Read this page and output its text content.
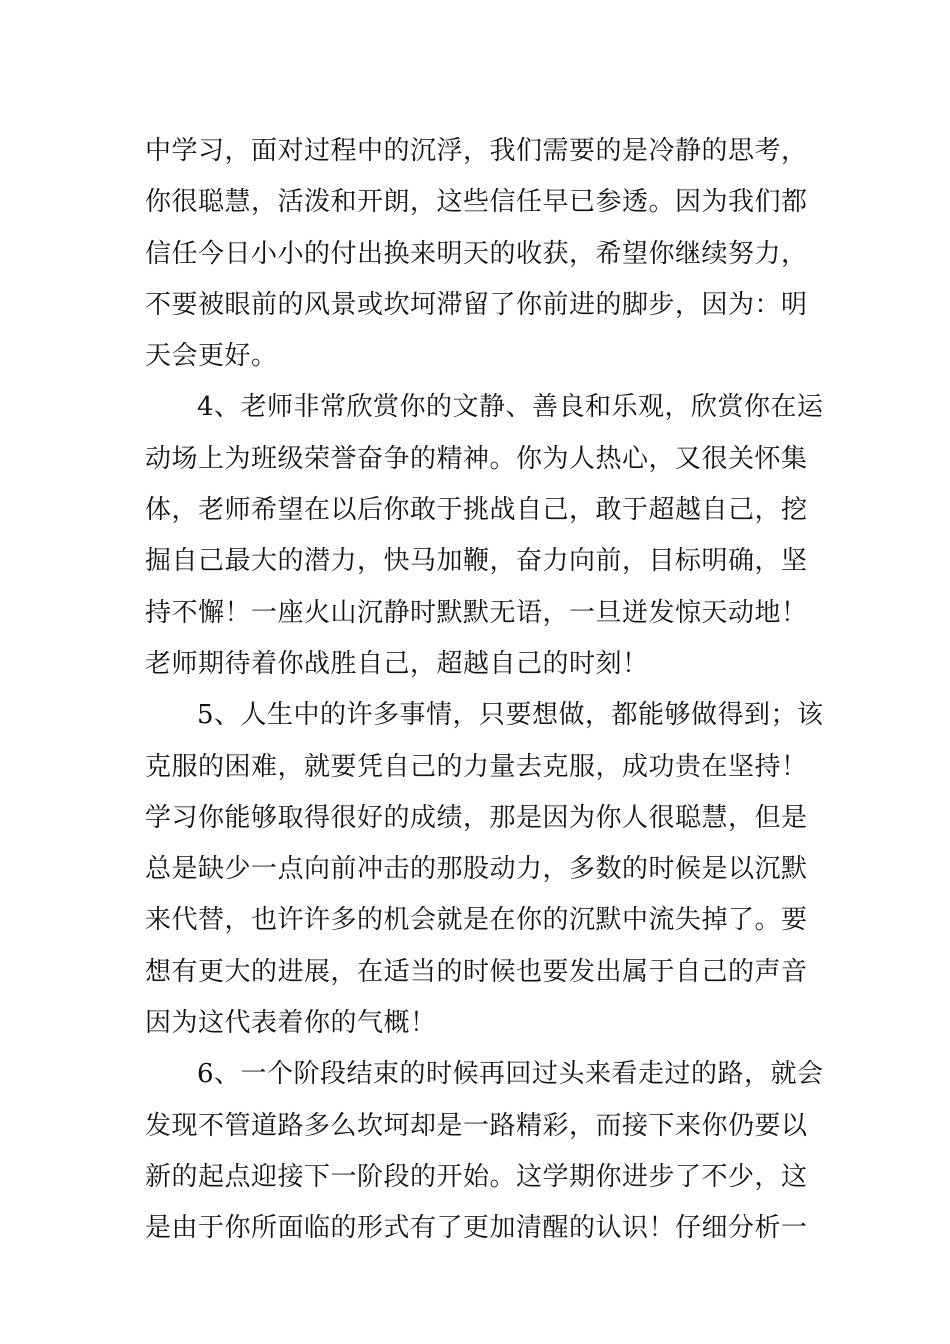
中学习，面对过程中的沉浮，我们需要的是冷静的思考，
你很聪慧，活泼和开朗，这些信任早已参透。因为我们都
信任今日小小的付出换来明天的收获，希望你继续努力，
不要被眼前的风景或坎坷滞留了你前进的脚步，因为：明
天会更好。
4、老师非常欣赏你的文静、善良和乐观，欣赏你在运
动场上为班级荣誉奋争的精神。你为人热心，又很关怀集
体，老师希望在以后你敢于挑战自己，敢于超越自己，挖
掘自己最大的潜力，快马加鞭，奋力向前，目标明确，坚
持不懈！一座火山沉静时默默无语，一旦迸发惊天动地！
老师期待着你战胜自己，超越自己的时刻！
5、人生中的许多事情，只要想做，都能够做得到；该
克服的困难，就要凭自己的力量去克服，成功贵在坚持！
学习你能够取得很好的成绩，那是因为你人很聪慧，但是
总是缺少一点向前冲击的那股动力，多数的时候是以沉默
来代替，也许许多的机会就是在你的沉默中流失掉了。要
想有更大的进展，在适当的时候也要发出属于自己的声音
因为这代表着你的气概！
6、一个阶段结束的时候再回过头来看走过的路，就会
发现不管道路多么坎坷却是一路精彩，而接下来你仍要以
新的起点迎接下一阶段的开始。这学期你进步了不少，这
是由于你所面临的形式有了更加清醒的认识！仔细分析一
